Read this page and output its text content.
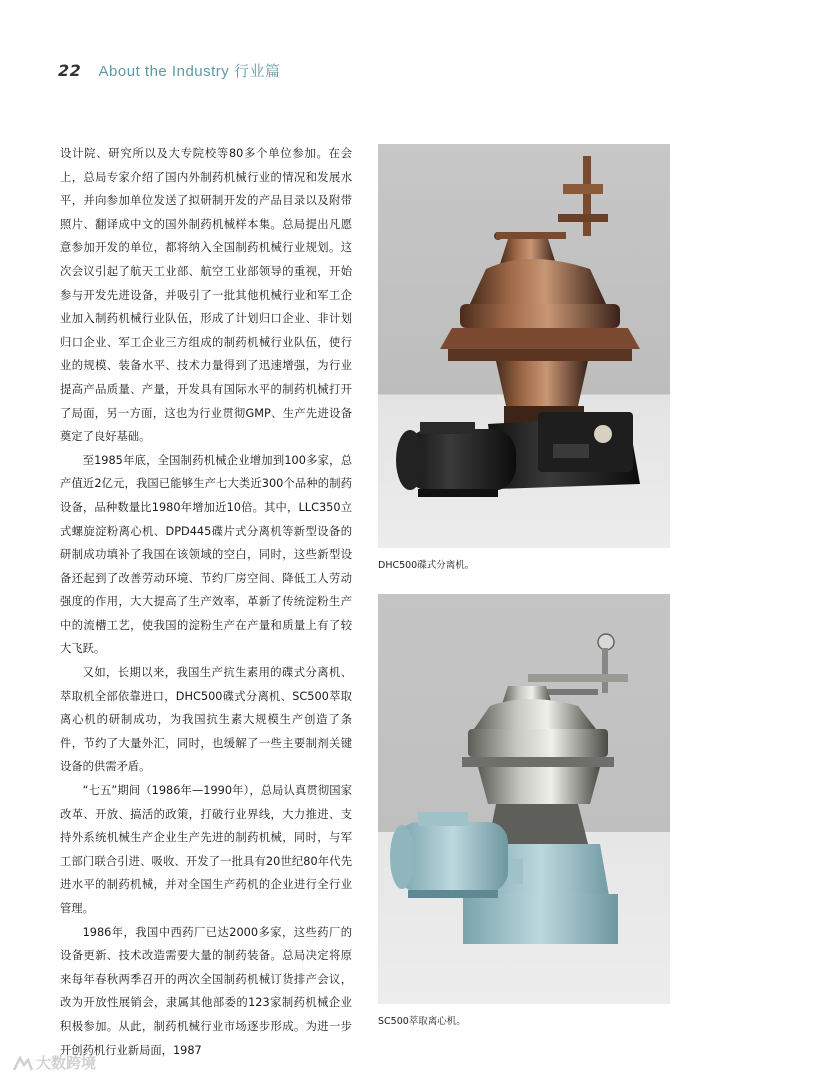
22 About the Industry 行业篇

设计院、研究所以及大专院校等80多个单位参加。在会上，总局专家介绍了国内外制药机械行业的情况和发展水平，并向参加单位发送了拟研制开发的产品目录以及附带照片、翻译成中文的国外制药机械样本集。总局提出凡愿意参加开发的单位，都将纳入全国制药机械行业规划。这次会议引起了航天工业部、航空工业部领导的重视，开始参与开发先进设备，并吸引了一批其他机械行业和军工企业加入制药机械行业队伍，形成了计划归口企业、非计划归口企业、军工企业三方组成的制药机械行业队伍，使行业的规模、装备水平、技术力量得到了迅速增强，为行业提高产品质量、产量，开发具有国际水平的制药机械打开了局面，另一方面，这也为行业贯彻GMP、生产先进设备奠定了良好基础。

至1985年底，全国制药机械企业增加到100多家，总产值近2亿元，我国已能够生产七大类近300个品种的制药设备，品种数量比1980年增加近10倍。其中，LLC350立式螺旋淀粉离心机、DPD445碟片式分离机等新型设备的研制成功填补了我国在该领域的空白，同时，这些新型设备还起到了改善劳动环境、节约厂房空间、降低工人劳动强度的作用，大大提高了生产效率，革新了传统淀粉生产中的流槽工艺，使我国的淀粉生产在产量和质量上有了较大飞跃。

又如，长期以来，我国生产抗生素用的碟式分离机、萃取机全部依靠进口，DHC500碟式分离机、SC500萃取离心机的研制成功，为我国抗生素大规模生产创造了条件，节约了大量外汇，同时，也缓解了一些主要制剂关键设备的供需矛盾。

“七五”期间（1986年—1990年），总局认真贯彻国家改革、开放、搞活的政策，打破行业界线，大力推进、支持外系统机械生产企业生产先进的制药机械，同时，与军工部门联合引进、吸收、开发了一批具有20世纪80年代先进水平的制药机械，并对全国生产药机的企业进行全行业管理。

1986年，我国中西药厂已达2000多家，这些药厂的设备更新、技术改造需要大量的制药装备。总局决定将原来每年春秋两季召开的两次全国制药机械订货排产会议，改为开放性展销会，隶属其他部委的123家制药机械企业积极参加。从此，制药机械行业市场逐步形成。为进一步开创药机行业新局面，1987

DHC500碟式分离机。
SC500萃取离心机。
大数跨境
